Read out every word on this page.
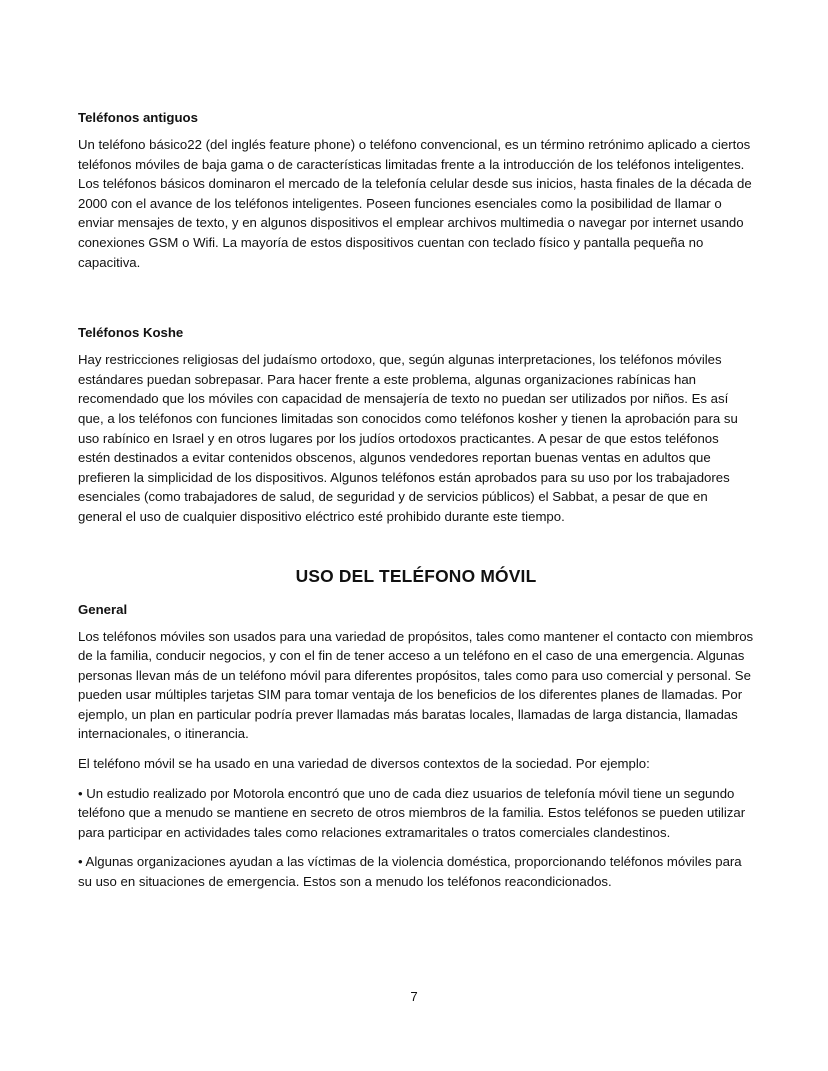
Teléfonos antiguos

Un teléfono básico22 (del inglés feature phone) o teléfono convencional, es un término retrónimo aplicado a ciertos teléfonos móviles de baja gama o de características limitadas frente a la introducción de los teléfonos inteligentes. Los teléfonos básicos dominaron el mercado de la telefonía celular desde sus inicios, hasta finales de la década de 2000 con el avance de los teléfonos inteligentes. Poseen funciones esenciales como la posibilidad de llamar o enviar mensajes de texto, y en algunos dispositivos el emplear archivos multimedia o navegar por internet usando conexiones GSM o Wifi. La mayoría de estos dispositivos cuentan con teclado físico y pantalla pequeña no capacitiva.

Teléfonos Koshe

Hay restricciones religiosas del judaísmo ortodoxo, que, según algunas interpretaciones, los teléfonos móviles estándares puedan sobrepasar. Para hacer frente a este problema, algunas organizaciones rabínicas han recomendado que los móviles con capacidad de mensajería de texto no puedan ser utilizados por niños. Es así que, a los teléfonos con funciones limitadas son conocidos como teléfonos kosher y tienen la aprobación para su uso rabínico en Israel y en otros lugares por los judíos ortodoxos practicantes. A pesar de que estos teléfonos estén destinados a evitar contenidos obscenos, algunos vendedores reportan buenas ventas en adultos que prefieren la simplicidad de los dispositivos. Algunos teléfonos están aprobados para su uso por los trabajadores esenciales (como trabajadores de salud, de seguridad y de servicios públicos) el Sabbat, a pesar de que en general el uso de cualquier dispositivo eléctrico esté prohibido durante este tiempo.

USO DEL TELÉFONO MÓVIL
General

Los teléfonos móviles son usados para una variedad de propósitos, tales como mantener el contacto con miembros de la familia, conducir negocios, y con el fin de tener acceso a un teléfono en el caso de una emergencia. Algunas personas llevan más de un teléfono móvil para diferentes propósitos, tales como para uso comercial y personal. Se pueden usar múltiples tarjetas SIM para tomar ventaja de los beneficios de los diferentes planes de llamadas. Por ejemplo, un plan en particular podría prever llamadas más baratas locales, llamadas de larga distancia, llamadas internacionales, o itinerancia.

El teléfono móvil se ha usado en una variedad de diversos contextos de la sociedad. Por ejemplo:

• Un estudio realizado por Motorola encontró que uno de cada diez usuarios de telefonía móvil tiene un segundo teléfono que a menudo se mantiene en secreto de otros miembros de la familia. Estos teléfonos se pueden utilizar para participar en actividades tales como relaciones extramaritales o tratos comerciales clandestinos.

• Algunas organizaciones ayudan a las víctimas de la violencia doméstica, proporcionando teléfonos móviles para su uso en situaciones de emergencia. Estos son a menudo los teléfonos reacondicionados.

7
